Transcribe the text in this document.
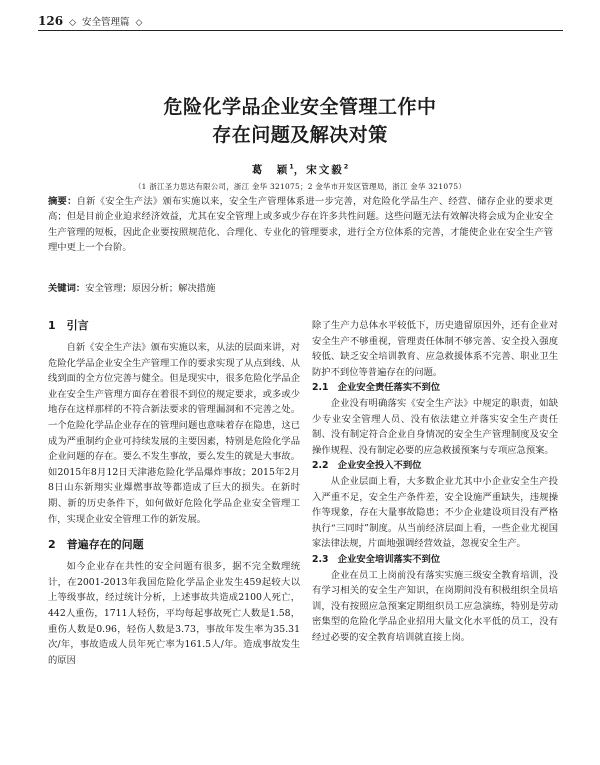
126 ◇ 安全管理篇 ◇
危险化学品企业安全管理工作中
存在问题及解决对策
葛　颖$^1$，宋文毅$^2$
（1 浙江圣力思达有限公司，浙江 金华 321075；2 金华市开发区管理局，浙江 金华 321075）
摘要：自新《安全生产法》颁布实施以来，安全生产管理体系进一步完善，对危险化学品生产、经营、储存企业的要求更高；但是目前企业迫求经济效益，尤其在安全管理上或多或少存在许多共性问题。这些问题无法有效解决将会成为企业安全生产管理的短板，因此企业要按照规范化、合理化、专业化的管理要求，进行全方位体系的完善，才能使企业在安全生产管理中更上一个台阶。
关键词：安全管理；原因分析；解决措施
1　引言

自新《安全生产法》颁布实施以来，从法的层面来讲，对危险化学品企业安全生产管理工作的要求实现了从点到线、从线到面的全方位完善与健全。但是现实中，很多危险化学品企业在安全生产管理方面存在着很不到位的规定要求，或多或少地存在这样那样的不符合新法要求的管理漏洞和不完善之处。一个危险化学品企业存在的管理问题也意味着存在隐患，这已成为严重制约企业可持续发展的主要因素，特别是危险化学品企业问题的存在。要么不发生事故，要么发生的就是大事故。如2015年8月12日天津港危险化学品爆炸事故；2015年2月8日山东新翔实业爆燃事故等都造成了巨大的损失。在新时期、新的历史条件下，如何做好危险化学品企业安全管理工作，实现企业安全管理工作的新发展。

2　普遍存在的问题

如今企业存在共性的安全问题有很多，据不完全数理统计，在2001-2013年我国危险化学品企业发生459起较大以上等级事故，经过统计分析，上述事故共造成2100人死亡，442人重伤，1711人轻伤，平均每起事故死亡人数是1.58，重伤人数是0.96，轻伤人数是3.73，事故年发生率为35.31次/年，事故造成人员年死亡率为161.5人/年。造成事故发生的原因

除了生产力总体水平较低下，历史遗留原因外，还有企业对安全生产不够重视，管理责任体制不够完善、安全投入强度较低、缺乏安全培训教育、应急救援体系不完善、职业卫生防护不到位等普遍存在的问题。

2.1　企业安全责任落实不到位

企业没有明确落实《安全生产法》中规定的职责，如缺少专业安全管理人员、没有依法建立并落实安全生产责任制、没有制定符合企业自身情况的安全生产管理制度及安全操作规程、没有制定必要的应急救援预案与专项应急预案。

2.2　企业安全投入不到位

从企业层面上看，大多数企业尤其中小企业安全生产投入严重不足，安全生产条件差，安全设施严重缺失，违规操作等现象，存在大量事故隐患；不少企业建设项目没有严格执行“三同时”制度。从当前经济层面上看，一些企业尤视国家法律法规，片面地强调经营效益，忽视安全生产。

2.3　企业安全培训落实不到位

企业在员工上岗前没有落实实施三级安全教育培训，没有学习相关的安全生产知识，在岗期间没有积极组织全员培训，没有按照应急预案定期组织员工应急演练，特别是劳动密集型的危险化学品企业招用大量文化水平低的员工，没有经过必要的安全教育培训就直接上岗。
